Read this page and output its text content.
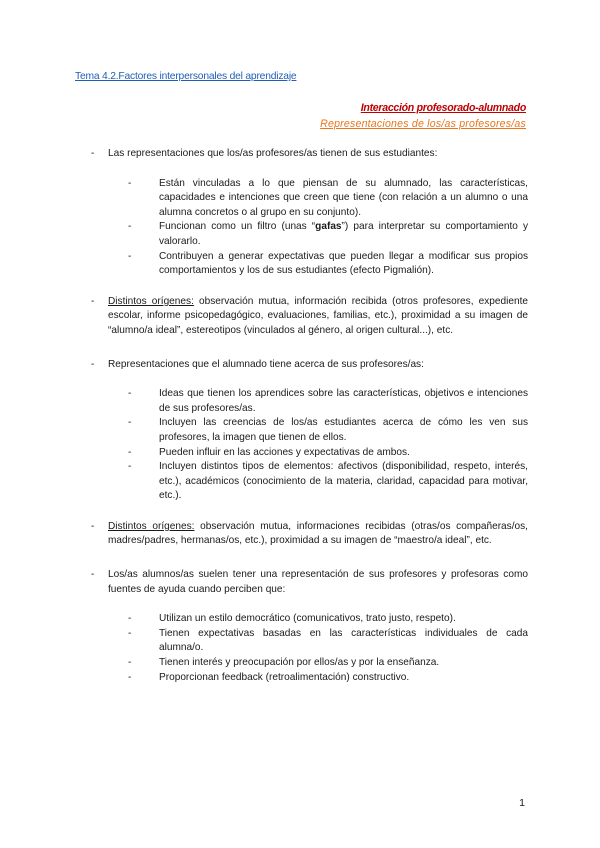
Tema 4.2.Factores interpersonales del aprendizaje
Interacción profesorado-alumnado
Representaciones de los/as profesores/as
- Las representaciones que los/as profesores/as tienen de sus estudiantes:
-	Están vinculadas a lo que piensan de su alumnado, las características, capacidades e intenciones que creen que tiene (con relación a un alumno o una alumna concretos o al grupo en su conjunto).
-	Funcionan como un filtro (unas “gafas”) para interpretar su comportamiento y valorarlo.
-	Contribuyen a generar expectativas que pueden llegar a modificar sus propios comportamientos y los de sus estudiantes (efecto Pigmalión).
- Distintos orígenes: observación mutua, información recibida (otros profesores, expediente escolar, informe psicopedagógico, evaluaciones, familias, etc.), proximidad a su imagen de “alumno/a ideal”, estereotipos (vinculados al género, al origen cultural...), etc.
- Representaciones que el alumnado tiene acerca de sus profesores/as:
-	Ideas que tienen los aprendices sobre las características, objetivos e intenciones de sus profesores/as.
-	Incluyen las creencias de los/as estudiantes acerca de cómo les ven sus profesores, la imagen que tienen de ellos.
-	Pueden influir en las acciones y expectativas de ambos.
-	Incluyen distintos tipos de elementos: afectivos (disponibilidad, respeto, interés, etc.), académicos (conocimiento de la materia, claridad, capacidad para motivar, etc.).
- Distintos orígenes: observación mutua, informaciones recibidas (otras/os compañeras/os, madres/padres, hermanas/os, etc.), proximidad a su imagen de “maestro/a ideal”, etc.
- Los/as alumnos/as suelen tener una representación de sus profesores y profesoras como fuentes de ayuda cuando perciben que:
-	Utilizan un estilo democrático (comunicativos, trato justo, respeto).
-	Tienen expectativas basadas en las características individuales de cada alumna/o.
-	Tienen interés y preocupación por ellos/as y por la enseñanza.
-	Proporcionan feedback (retroalimentación) constructivo.
1
